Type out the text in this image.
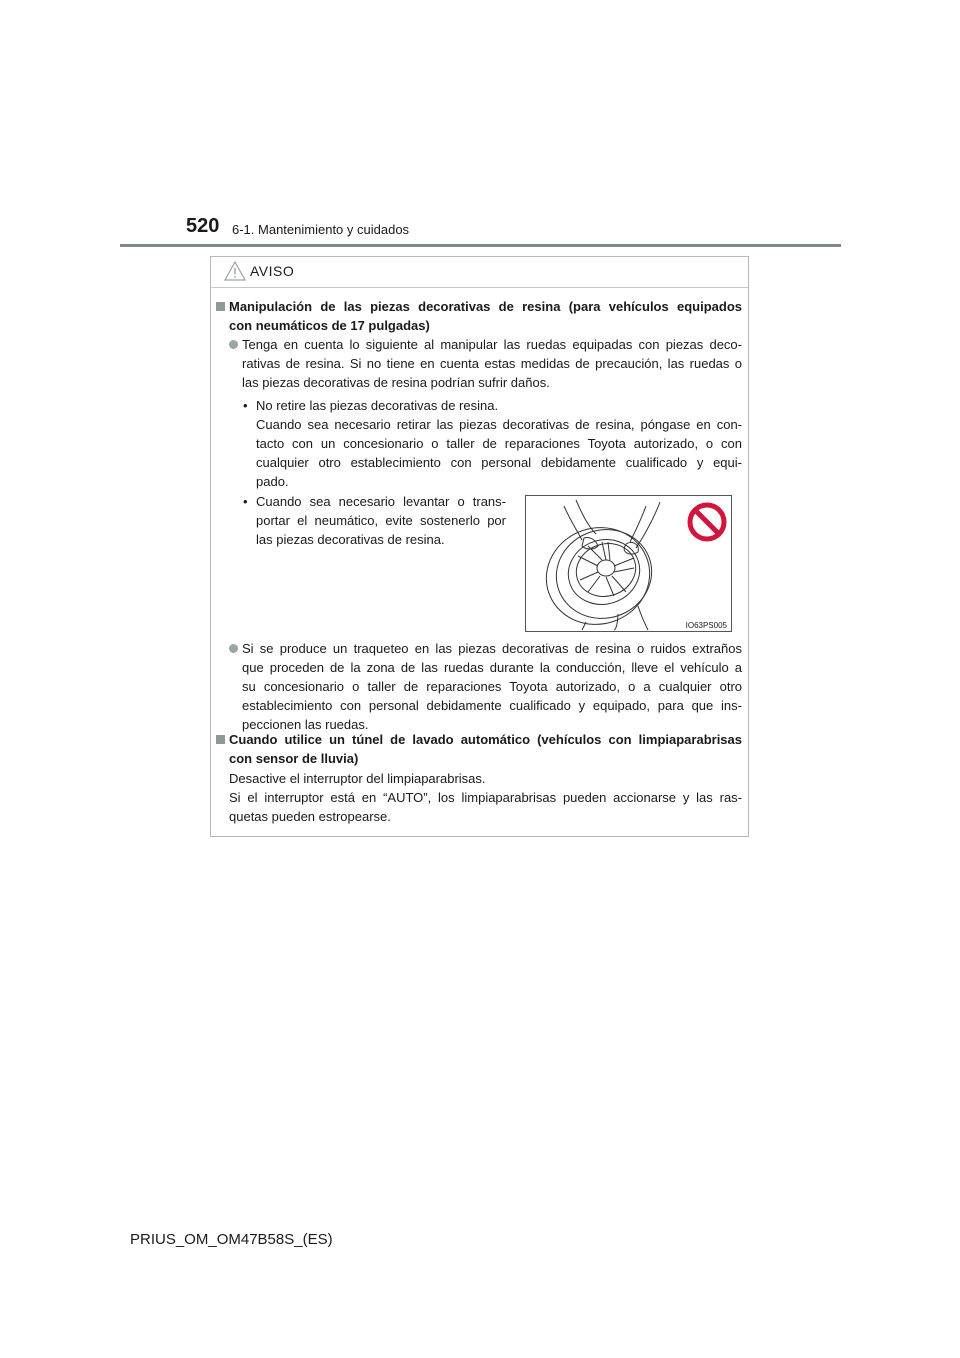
520 6-1. Mantenimiento y cuidados
AVISO
Manipulación de las piezas decorativas de resina (para vehículos equipados
con neumáticos de 17 pulgadas)
Tenga en cuenta lo siguiente al manipular las ruedas equipadas con piezas deco-
rativas de resina. Si no tiene en cuenta estas medidas de precaución, las ruedas o
las piezas decorativas de resina podrían sufrir daños.
• No retire las piezas decorativas de resina.
Cuando sea necesario retirar las piezas decorativas de resina, póngase en con-
tacto con un concesionario o taller de reparaciones Toyota autorizado, o con
cualquier otro establecimiento con personal debidamente cualificado y equi-
pado.
• Cuando sea necesario levantar o trans-
portar el neumático, evite sostenerlo por
las piezas decorativas de resina.
IO63PS005
Si se produce un traqueteo en las piezas decorativas de resina o ruidos extraños
que proceden de la zona de las ruedas durante la conducción, lleve el vehículo a
su concesionario o taller de reparaciones Toyota autorizado, o a cualquier otro
establecimiento con personal debidamente cualificado y equipado, para que ins-
peccionen las ruedas.
Cuando utilice un túnel de lavado automático (vehículos con limpiaparabrisas
con sensor de lluvia)
Desactive el interruptor del limpiaparabrisas.
Si el interruptor está en “AUTO”, los limpiaparabrisas pueden accionarse y las ras-
quetas pueden estropearse.
PRIUS_OM_OM47B58S_(ES)
